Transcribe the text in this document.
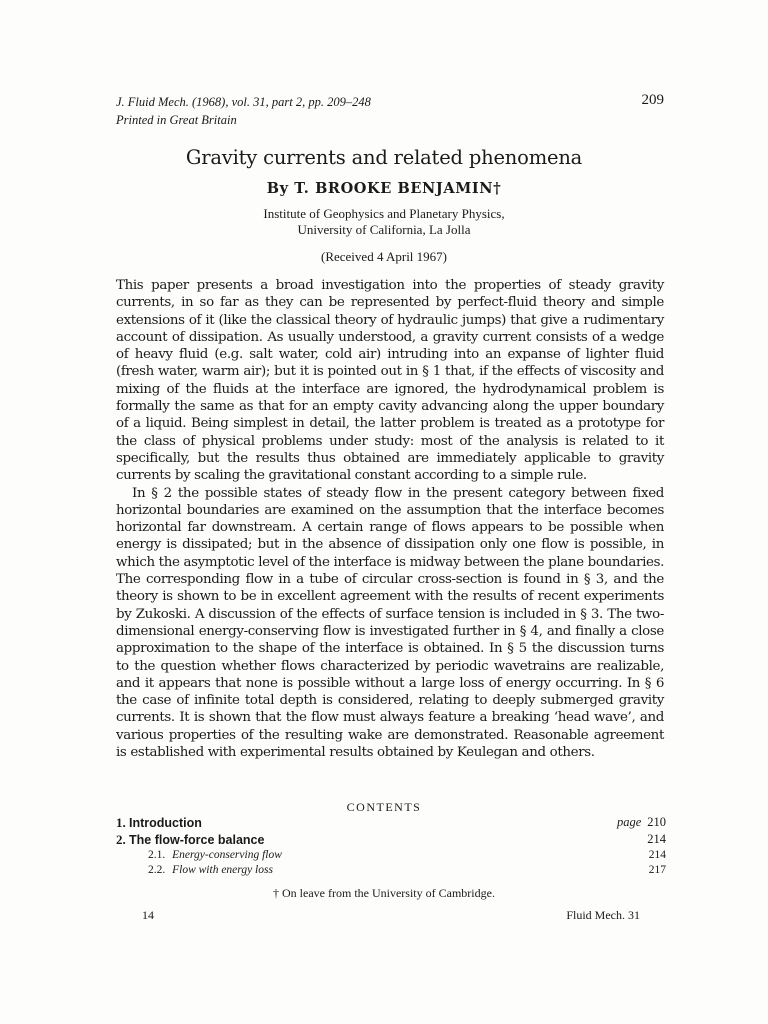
J. Fluid Mech. (1968), vol. 31, part 2, pp. 209–248
Printed in Great Britain
209
Gravity currents and related phenomena
By T. BROOKE BENJAMIN†
Institute of Geophysics and Planetary Physics,
University of California, La Jolla
(Received 4 April 1967)

This paper presents a broad investigation into the properties of steady gravity currents, in so far as they can be represented by perfect-fluid theory and simple extensions of it (like the classical theory of hydraulic jumps) that give a rudimentary account of dissipation. As usually understood, a gravity current consists of a wedge of heavy fluid (e.g. salt water, cold air) intruding into an expanse of lighter fluid (fresh water, warm air); but it is pointed out in § 1 that, if the effects of viscosity and mixing of the fluids at the interface are ignored, the hydrodynamical problem is formally the same as that for an empty cavity advancing along the upper boundary of a liquid. Being simplest in detail, the latter problem is treated as a prototype for the class of physical problems under study: most of the analysis is related to it specifically, but the results thus obtained are immediately applicable to gravity currents by scaling the gravitational constant according to a simple rule.

In § 2 the possible states of steady flow in the present category between fixed horizontal boundaries are examined on the assumption that the interface becomes horizontal far downstream. A certain range of flows appears to be possible when energy is dissipated; but in the absence of dissipation only one flow is possible, in which the asymptotic level of the interface is midway between the plane boundaries. The corresponding flow in a tube of circular cross-section is found in § 3, and the theory is shown to be in excellent agreement with the results of recent experiments by Zukoski. A discussion of the effects of surface tension is included in § 3. The two-dimensional energy-conserving flow is investigated further in § 4, and finally a close approximation to the shape of the interface is obtained. In § 5 the discussion turns to the question whether flows characterized by periodic wavetrains are realizable, and it appears that none is possible without a large loss of energy occurring. In § 6 the case of infinite total depth is considered, relating to deeply submerged gravity currents. It is shown that the flow must always feature a breaking ‘head wave’, and various properties of the resulting wake are demonstrated. Reasonable agreement is established with experimental results obtained by Keulegan and others.

CONTENTS
1. Introduction	page 210
2. The flow-force balance	214
2.1. Energy-conserving flow	214
2.2. Flow with energy loss	217
† On leave from the University of Cambridge.
14	Fluid Mech. 31
